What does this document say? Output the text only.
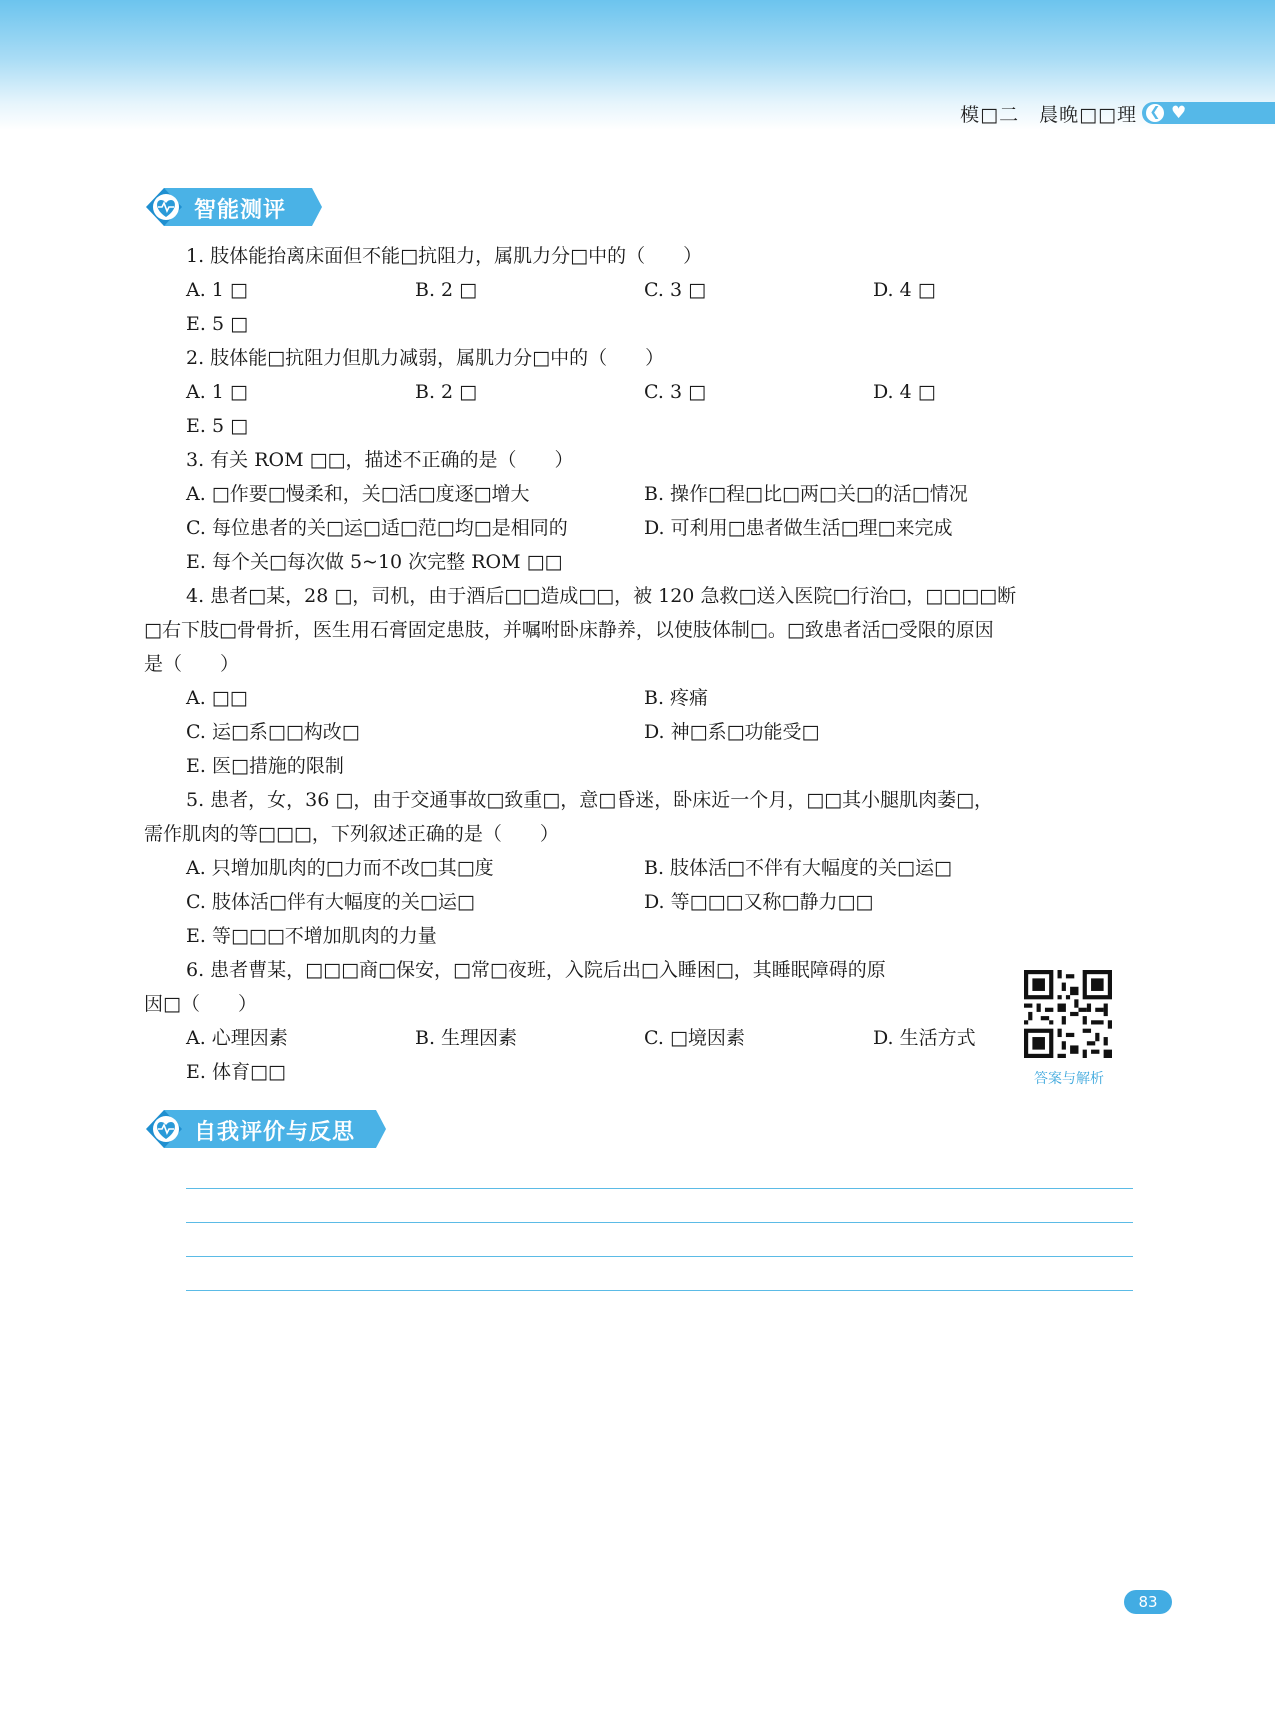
模□二　晨晚□□理 ❮ ♥
智能测评
1. 肢体能抬离床面但不能□抗阻力，属肌力分□中的（　　）
A. 1 □	B. 2 □	C. 3 □	D. 4 □
E. 5 □
2. 肢体能□抗阻力但肌力减弱，属肌力分□中的（　　）
A. 1 □	B. 2 □	C. 3 □	D. 4 □
E. 5 □
3. 有关 ROM □□，描述不正确的是（　　）
A. □作要□慢柔和，关□活□度逐□增大	B. 操作□程□比□两□关□的活□情况
C. 每位患者的关□运□适□范□均□是相同的	D. 可利用□患者做生活□理□来完成
E. 每个关□每次做 5~10 次完整 ROM □□
4. 患者□某，28 □，司机，由于酒后□□造成□□，被 120 急救□送入医院□行治□，□□□□断
□右下肢□骨骨折，医生用石膏固定患肢，并嘱咐卧床静养，以使肢体制□。□致患者活□受限的原因
是（　　）
A. □□	B. 疼痛
C. 运□系□□构改□	D. 神□系□功能受□
E. 医□措施的限制
5. 患者，女，36 □，由于交通事故□致重□，意□昏迷，卧床近一个月，□□其小腿肌肉萎□，
需作肌肉的等□□□，下列叙述正确的是（　　）
A. 只增加肌肉的□力而不改□其□度	B. 肢体活□不伴有大幅度的关□运□
C. 肢体活□伴有大幅度的关□运□	D. 等□□□又称□静力□□
E. 等□□□不增加肌肉的力量
6. 患者曹某，□□□商□保安，□常□夜班，入院后出□入睡困□，其睡眠障碍的原
因□（　　）
A. 心理因素	B. 生理因素	C. □境因素	D. 生活方式
E. 体育□□	答案与解析
自我评价与反思
83
